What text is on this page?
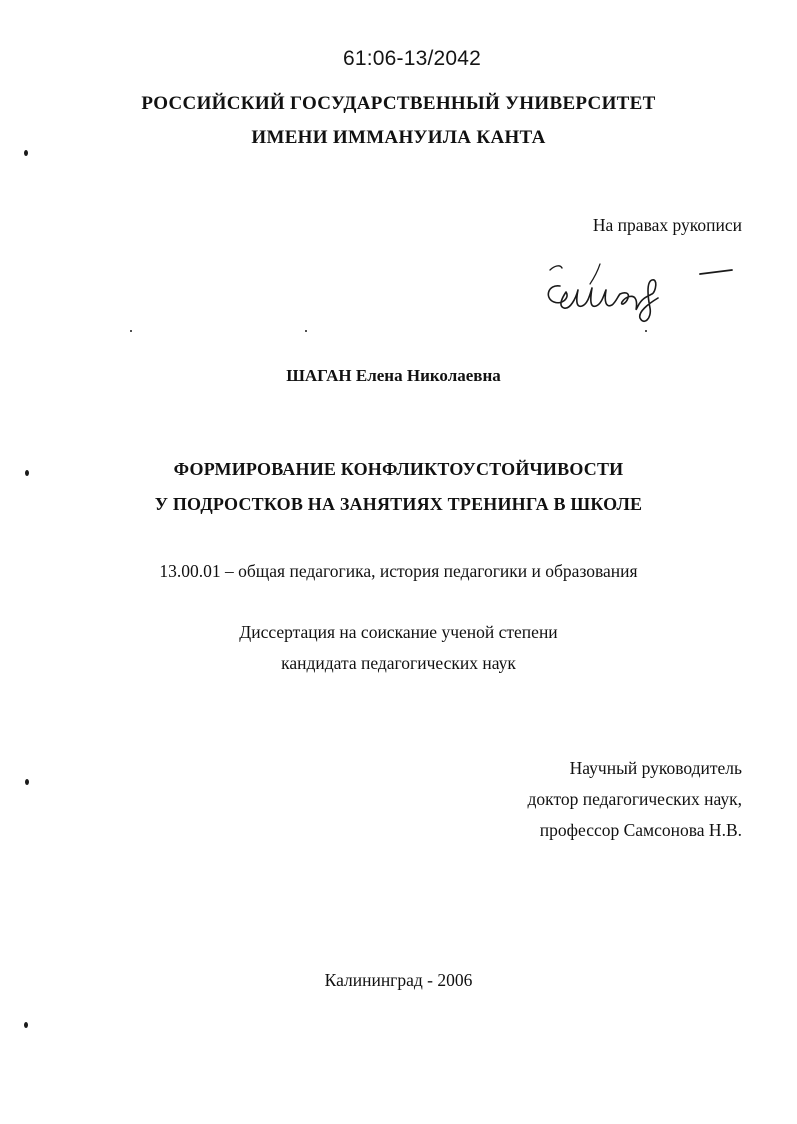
61:06-13/2042
РОССИЙСКИЙ ГОСУДАРСТВЕННЫЙ УНИВЕРСИТЕТ
ИМЕНИ ИММАНУИЛА КАНТА
На правах рукописи
ШАГАН Елена Николаевна
ФОРМИРОВАНИЕ КОНФЛИКТОУСТОЙЧИВОСТИ
У ПОДРОСТКОВ НА ЗАНЯТИЯХ ТРЕНИНГА В ШКОЛЕ
13.00.01 – общая педагогика, история педагогики и образования
Диссертация на соискание ученой степени
кандидата педагогических наук
Научный руководитель
доктор педагогических наук,
профессор Самсонова Н.В.
Калининград - 2006
